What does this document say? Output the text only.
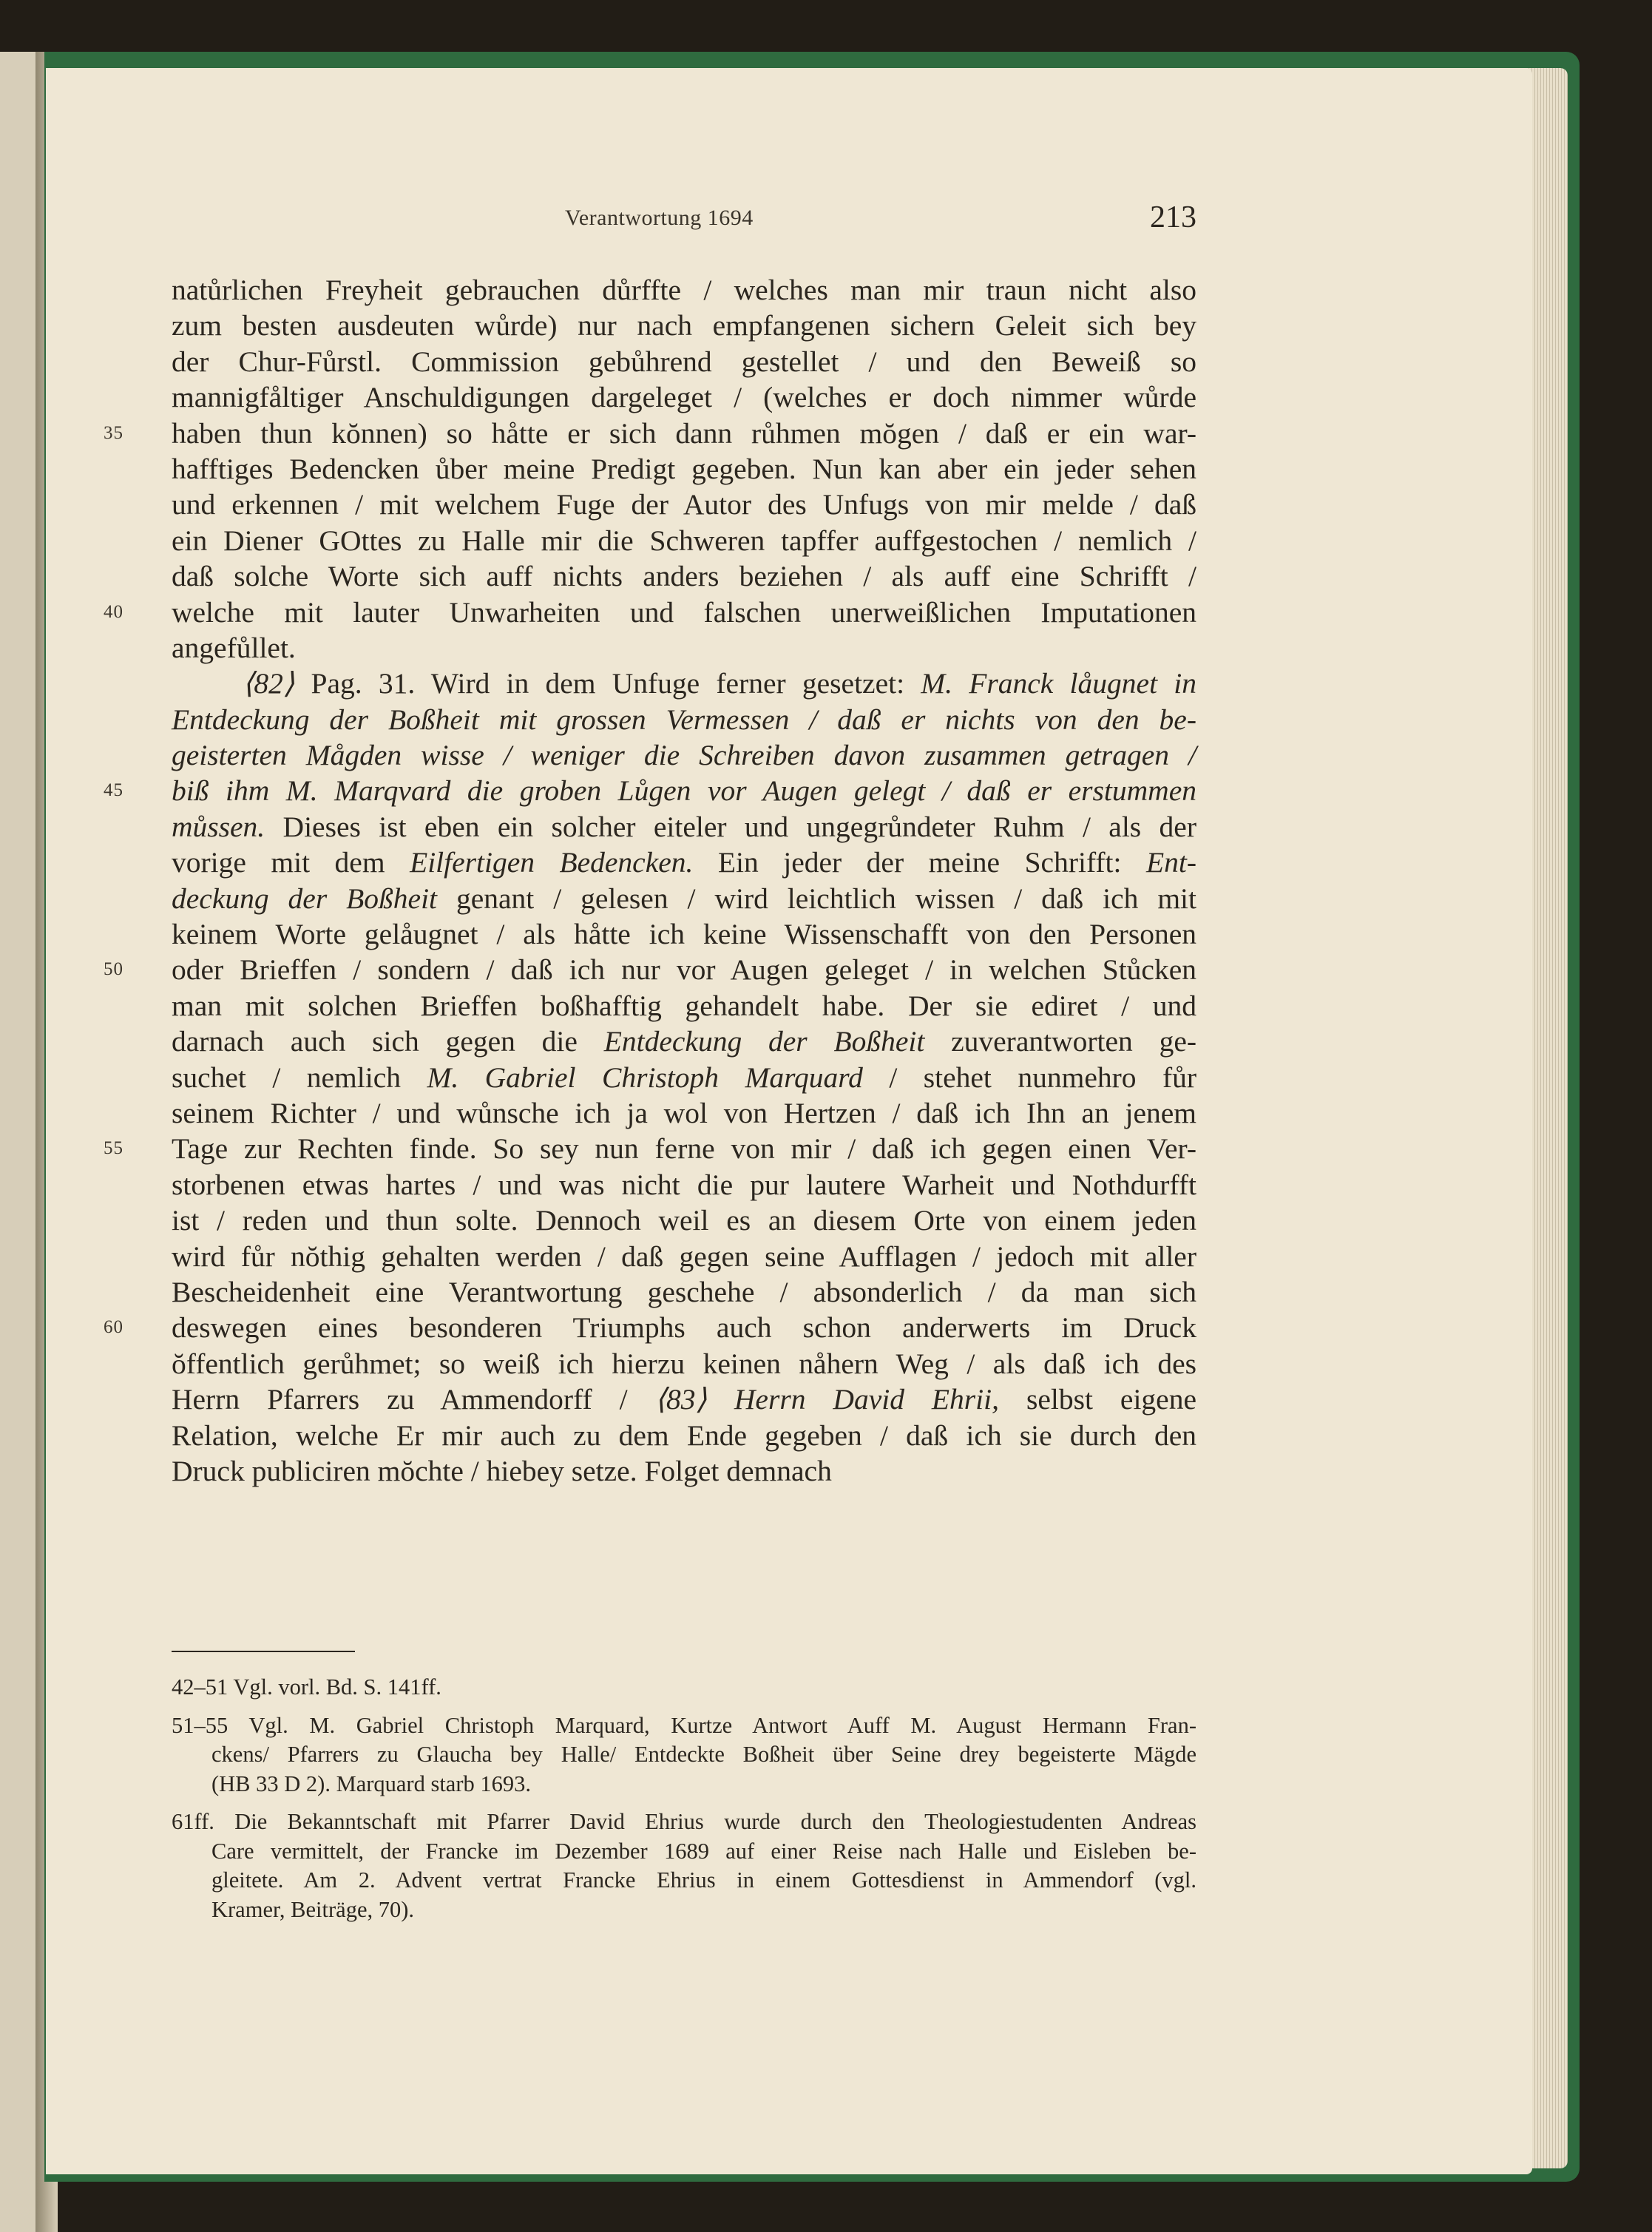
Verantwortung 1694	213
natůrlichen Freyheit gebrauchen důrffte / welches man mir traun nicht also
zum besten ausdeuten wůrde) nur nach empfangenen sichern Geleit sich bey
der Chur-Fůrstl. Commission gebůhrend gestellet / und den Beweiß so
mannigfåltiger Anschuldigungen dargeleget / (welches er doch nimmer wůrde
35	haben thun kŏnnen) so håtte er sich dann růhmen mŏgen / daß er ein war-
hafftiges Bedencken ůber meine Predigt gegeben. Nun kan aber ein jeder sehen
und erkennen / mit welchem Fuge der Autor des Unfugs von mir melde / daß
ein Diener GOttes zu Halle mir die Schweren tapffer auffgestochen / nemlich /
daß solche Worte sich auff nichts anders beziehen / als auff eine Schrifft /
40	welche mit lauter Unwarheiten und falschen unerweißlichen Imputationen
angefůllet.
⟨82⟩ Pag. 31. Wird in dem Unfuge ferner gesetzet: M. Franck låugnet in
Entdeckung der Boßheit mit grossen Vermessen / daß er nichts von den be-
geisterten Mågden wisse / weniger die Schreiben davon zusammen getragen /
45	biß ihm M. Marqvard die groben Lůgen vor Augen gelegt / daß er erstummen
můssen. Dieses ist eben ein solcher eiteler und ungegrůndeter Ruhm / als der
vorige mit dem Eilfertigen Bedencken. Ein jeder der meine Schrifft: Ent-
deckung der Boßheit genant / gelesen / wird leichtlich wissen / daß ich mit
keinem Worte gelåugnet / als håtte ich keine Wissenschafft von den Personen
50	oder Brieffen / sondern / daß ich nur vor Augen geleget / in welchen Stůcken
man mit solchen Brieffen boßhafftig gehandelt habe. Der sie ediret / und
darnach auch sich gegen die Entdeckung der Boßheit zuverantworten ge-
suchet / nemlich M. Gabriel Christoph Marquard / stehet nunmehro fůr
seinem Richter / und wůnsche ich ja wol von Hertzen / daß ich Ihn an jenem
55	Tage zur Rechten finde. So sey nun ferne von mir / daß ich gegen einen Ver-
storbenen etwas hartes / und was nicht die pur lautere Warheit und Nothdurfft
ist / reden und thun solte. Dennoch weil es an diesem Orte von einem jeden
wird fůr nŏthig gehalten werden / daß gegen seine Aufflagen / jedoch mit aller
Bescheidenheit eine Verantwortung geschehe / absonderlich / da man sich
60	deswegen eines besonderen Triumphs auch schon anderwerts im Druck
ŏffentlich gerůhmet; so weiß ich hierzu keinen nåhern Weg / als daß ich des
Herrn Pfarrers zu Ammendorff / ⟨83⟩ Herrn David Ehrii, selbst eigene
Relation, welche Er mir auch zu dem Ende gegeben / daß ich sie durch den
Druck publiciren mŏchte / hiebey setze. Folget demnach
42–51 Vgl. vorl. Bd. S. 141ff.
51–55 Vgl. M. Gabriel Christoph Marquard, Kurtze Antwort Auff M. August Hermann Fran-
ckens/ Pfarrers zu Glaucha bey Halle/ Entdeckte Boßheit über Seine drey begeisterte Mägde
(HB 33 D 2). Marquard starb 1693.
61ff. Die Bekanntschaft mit Pfarrer David Ehrius wurde durch den Theologiestudenten Andreas
Care vermittelt, der Francke im Dezember 1689 auf einer Reise nach Halle und Eisleben be-
gleitete. Am 2. Advent vertrat Francke Ehrius in einem Gottesdienst in Ammendorf (vgl.
Kramer, Beiträge, 70).
